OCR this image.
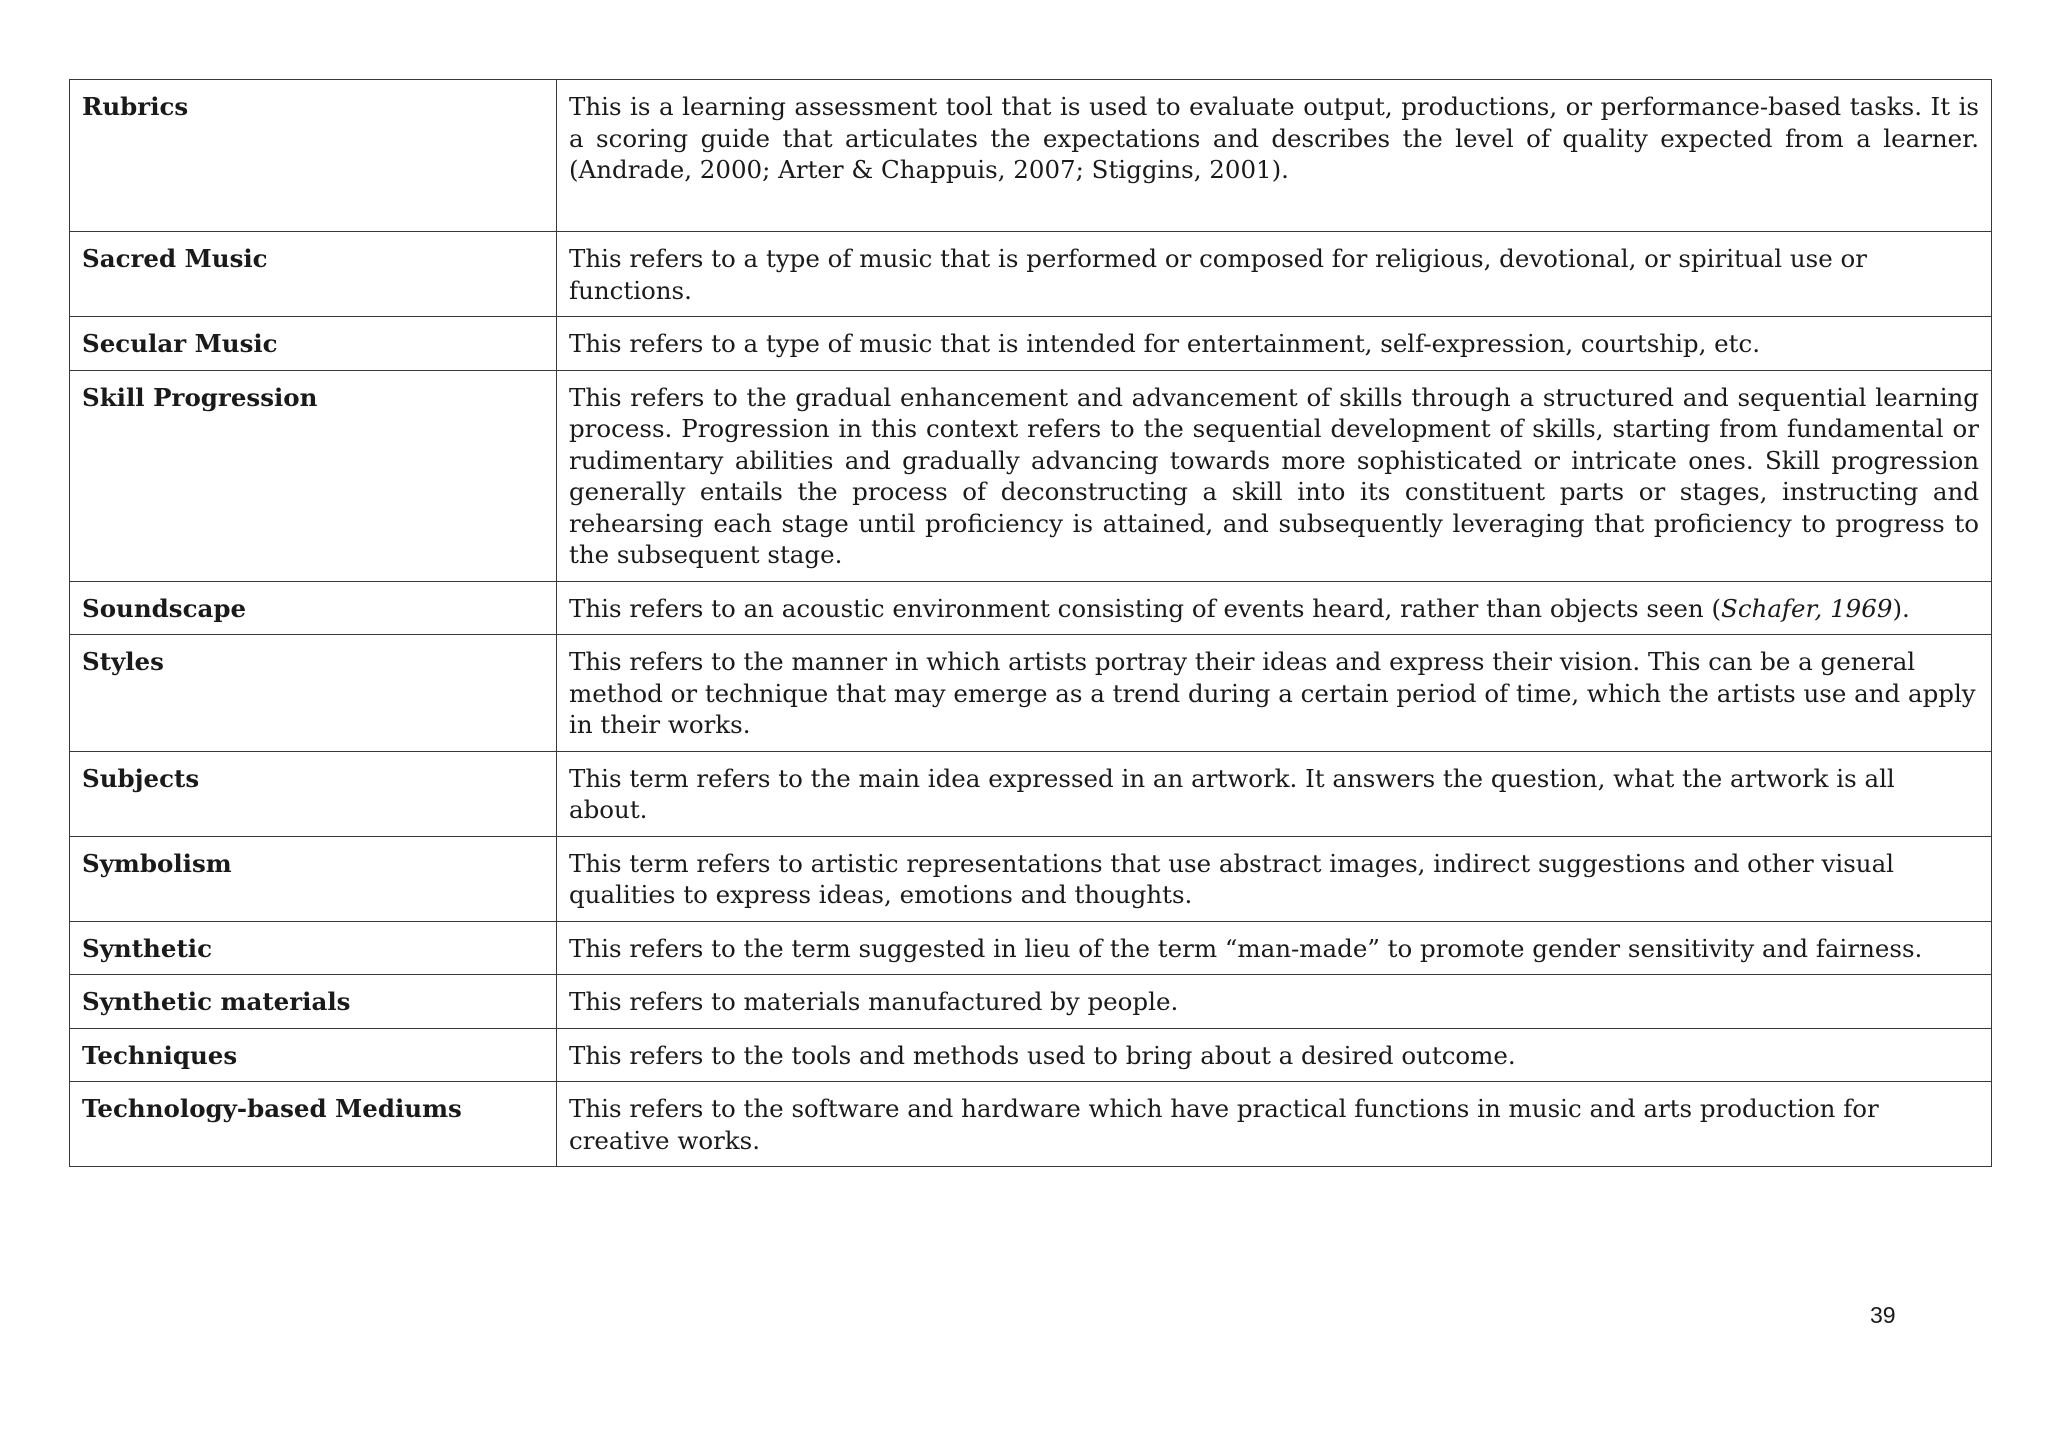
Rubrics	This is a learning assessment tool that is used to evaluate output, productions, or performance-based tasks. It is a scoring guide that articulates the expectations and describes the level of quality expected from a learner. (Andrade, 2000; Arter & Chappuis, 2007; Stiggins, 2001).
Sacred Music	This refers to a type of music that is performed or composed for religious, devotional, or spiritual use or functions.
Secular Music	This refers to a type of music that is intended for entertainment, self-expression, courtship, etc.
Skill Progression	This refers to the gradual enhancement and advancement of skills through a structured and sequential learning process. Progression in this context refers to the sequential development of skills, starting from fundamental or rudimentary abilities and gradually advancing towards more sophisticated or intricate ones. Skill progression generally entails the process of deconstructing a skill into its constituent parts or stages, instructing and rehearsing each stage until proficiency is attained, and subsequently leveraging that proficiency to progress to the subsequent stage.
Soundscape	This refers to an acoustic environment consisting of events heard, rather than objects seen (Schafer, 1969).
Styles	This refers to the manner in which artists portray their ideas and express their vision. This can be a general method or technique that may emerge as a trend during a certain period of time, which the artists use and apply in their works.
Subjects	This term refers to the main idea expressed in an artwork. It answers the question, what the artwork is all about.
Symbolism	This term refers to artistic representations that use abstract images, indirect suggestions and other visual qualities to express ideas, emotions and thoughts.
Synthetic	This refers to the term suggested in lieu of the term “man-made” to promote gender sensitivity and fairness.
Synthetic materials	This refers to materials manufactured by people.
Techniques	This refers to the tools and methods used to bring about a desired outcome.
Technology-based Mediums	This refers to the software and hardware which have practical functions in music and arts production for creative works.
39
